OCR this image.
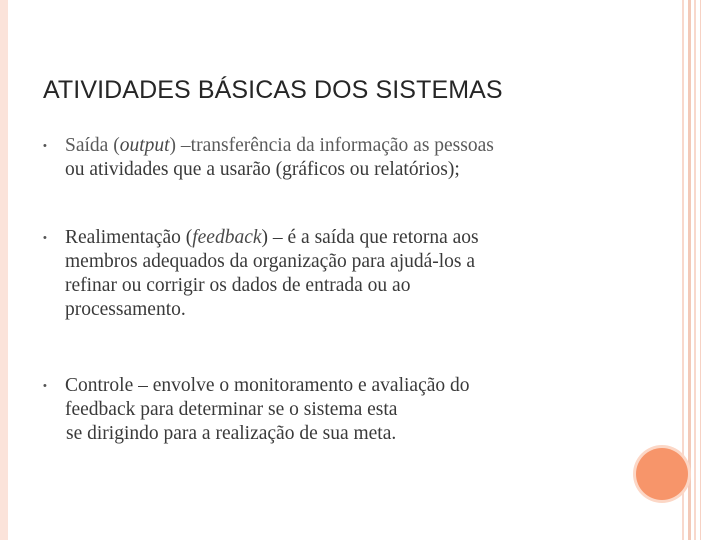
ATIVIDADES BÁSICAS DOS SISTEMAS
• Saída (output) –transferência da informação as pessoas
ou atividades que a usarão (gráficos ou relatórios);
• Realimentação (feedback) – é a saída que retorna aos
membros adequados da organização para ajudá-los a
refinar ou corrigir os dados de entrada ou ao
processamento.
• Controle – envolve o monitoramento e avaliação do
feedback para determinar se o sistema esta
se dirigindo para a realização de sua meta.
